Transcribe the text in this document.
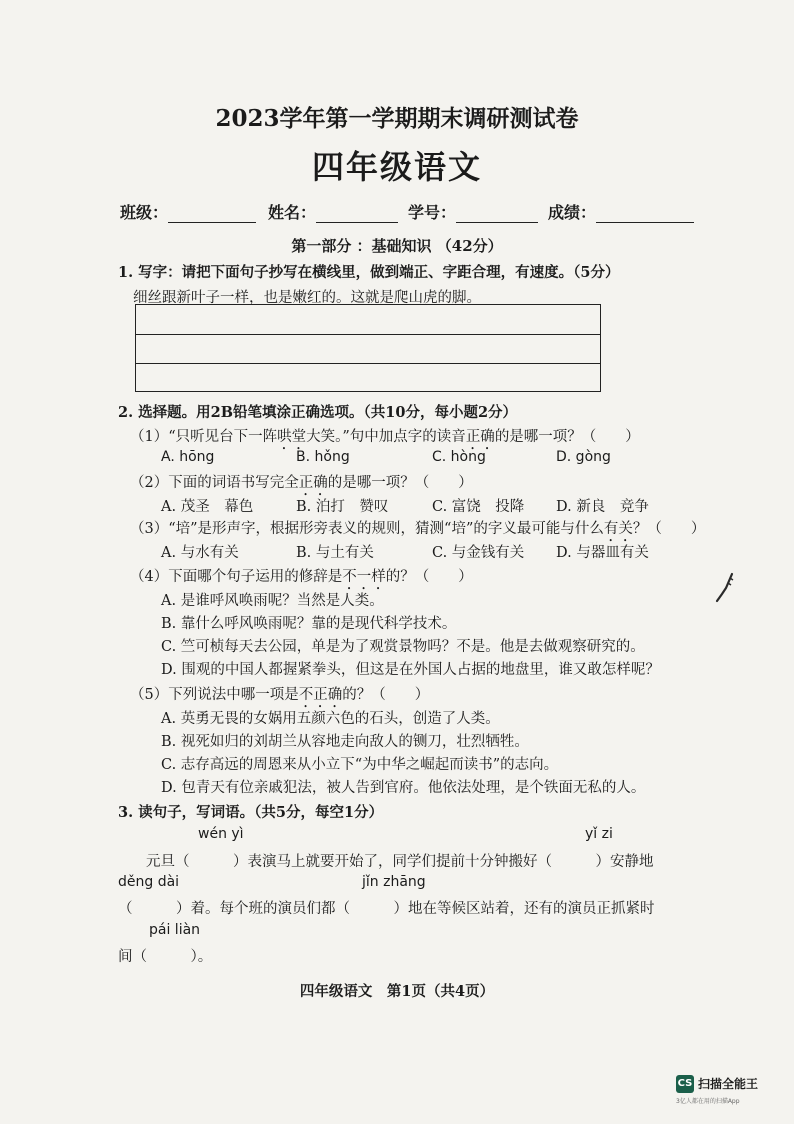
2023学年第一学期期末调研测试卷
四年级语文
班级：	姓名：	学号：	成绩：
第一部分 ：基础知识 （42分）
1. 写字：请把下面句子抄写在横线里，做到端正、字距合理，有速度。（5分）
细丝跟新叶子一样，也是嫩红的。这就是爬山虎的脚。
2. 选择题。用2B铅笔填涂正确选项。（共10分，每小题2分）
（1）“只听见台下一阵哄堂大笑。”句中加点字的读音正确的是哪一项？（　　）
A. hōng	B. hǒng	C. hòng	D. gòng
（2）下面的词语书写完全正确的是哪一项？（　　）
A. 茂圣　幕色	B. 泊打　赞叹	C. 富饶　投降 D. 新良　竞争
（3）“培”是形声字，根据形旁表义的规则，猜测“培”的字义最可能与什么有关？（　　）
A. 与水有关	B. 与土有关	C. 与金钱有关 D. 与器皿有关
（4）下面哪个句子运用的修辞是不一样的？（　　）
A. 是谁呼风唤雨呢？当然是人类。
B. 靠什么呼风唤雨呢？靠的是现代科学技术。
C. 竺可桢每天去公园，单是为了观赏景物吗？不是。他是去做观察研究的。
D. 围观的中国人都握紧拳头，但这是在外国人占据的地盘里，谁又敢怎样呢？
（5）下列说法中哪一项是不正确的？（　　）
A. 英勇无畏的女娲用五颜六色的石头，创造了人类。
B. 视死如归的刘胡兰从容地走向敌人的铡刀，壮烈牺牲。
C. 志存高远的周恩来从小立下“为中华之崛起而读书”的志向。
D. 包青天有位亲戚犯法，被人告到官府。他依法处理，是个铁面无私的人。
3. 读句子，写词语。（共5分，每空1分）
wén yì	yǐ zi
元旦（　　　）表演马上就要开始了，同学们提前十分钟搬好（　　　）安静地
děng dài	jǐn zhāng
（　　　）着。每个班的演员们都（　　　）地在等候区站着，还有的演员正抓紧时
pái liàn
间（　　　）。
四年级语文　第1页（共4页）
CS 扫描全能王
3亿人都在用的扫描App
